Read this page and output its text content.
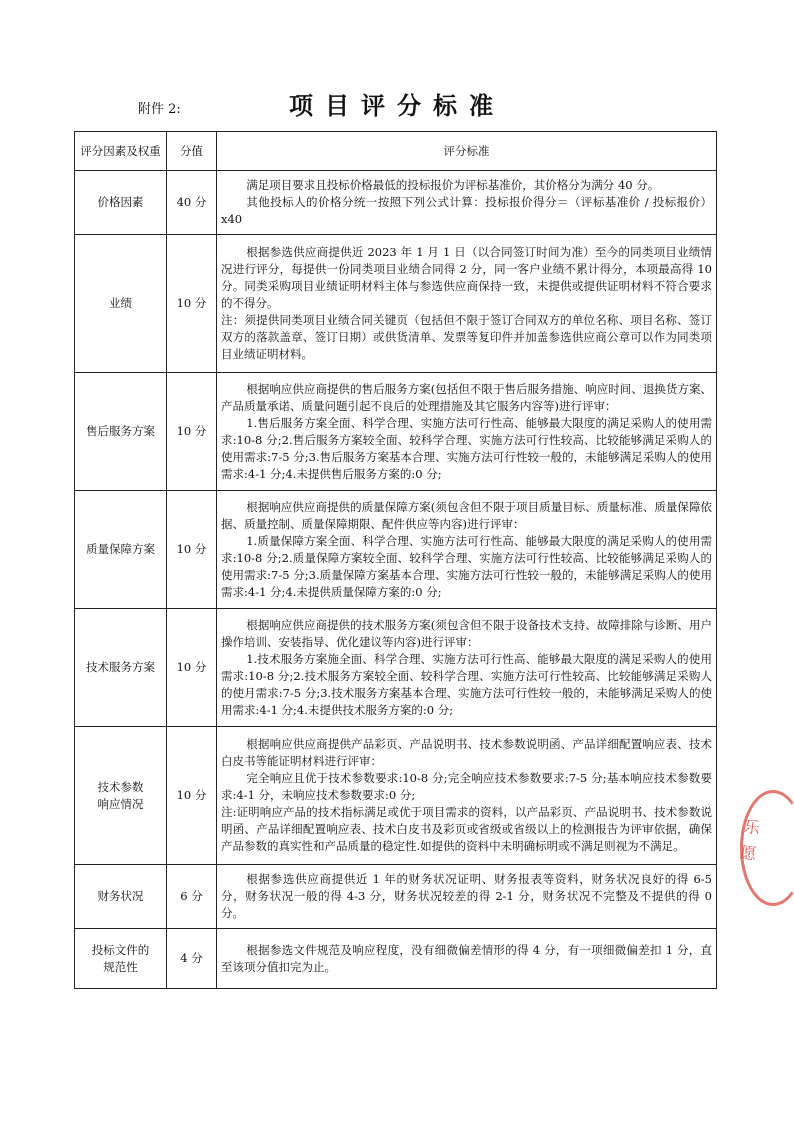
附件 2:	项目评分标准
评分因素及权重	分值	评分标准
价格因素	40 分	满足项目要求且投标价格最低的投标报价为评标基准价，其价格分为满分 40 分。
其他投标人的价格分统一按照下列公式计算：投标报价得分＝（评标基准价 / 投标报价）x40

业绩	10 分	根据参选供应商提供近 2023 年 1 月 1 日（以合同签订时间为准）至今的同类项目业绩情况进行评分，每提供一份同类项目业绩合同得 2 分，同一客户业绩不累计得分，本项最高得 10 分。同类采购项目业绩证明材料主体与参选供应商保持一致，未提供或提供证明材料不符合要求的不得分。
注：须提供同类项目业绩合同关键页（包括但不限于签订合同双方的单位名称、项目名称、签订双方的落款盖章、签订日期）或供货清单、发票等复印件并加盖参选供应商公章可以作为同类项目业绩证明材料。

售后服务方案	10 分	根据响应供应商提供的售后服务方案(包括但不限于售后服务措施、响应时间、退换货方案、产品质量承诺、质量问题引起不良后的处理措施及其它服务内容等)进行评审：
1.售后服务方案全面、科学合理、实施方法可行性高、能够最大限度的满足采购人的使用需求:10-8 分;2.售后服务方案较全面、较科学合理、实施方法可行性较高、比较能够满足采购人的使用需求:7-5 分;3.售后服务方案基本合理、实施方法可行性较一般的，未能够满足采购人的使用需求:4-1 分;4.未提供售后服务方案的:0 分;

质量保障方案	10 分	根据响应供应商提供的质量保障方案(须包含但不限于项目质量目标、质量标准、质量保障依据、质量控制、质量保障期限、配件供应等内容)进行评审：
1.质量保障方案全面、科学合理、实施方法可行性高、能够最大限度的满足采购人的使用需求:10-8 分;2.质量保障方案较全面、较科学合理、实施方法可行性较高、比较能够满足采购人的使用需求:7-5 分;3.质量保障方案基本合理、实施方法可行性较一般的，未能够满足采购人的使用需求:4-1 分;4.未提供质量保障方案的:0 分;

技术服务方案	10 分	根据响应供应商提供的技术服务方案(须包含但不限于设备技术支持、故障排除与诊断、用户操作培训、安装指导、优化建议等内容)进行评审：
1.技术服务方案施全面、科学合理、实施方法可行性高、能够最大限度的满足采购人的使用需求:10-8 分;2.技术服务方案较全面、较科学合理、实施方法可行性较高、比较能够满足采购人的使月需求:7-5 分;3.技术服务方案基本合理、实施方法可行性较一般的，未能够满足采购人的使用需求:4-1 分;4.未提供技术服务方案的:0 分;

技术参数
响应情况	10 分	根据响应供应商提供产品彩页、产品说明书、技术参数说明函、产品详细配置响应表、技术白皮书等能证明材料进行评审：
完全响应且优于技术参数要求:10-8 分;完全响应技术参数要求:7-5 分;基本响应技术参数要求:4-1 分，未响应技术参数要求:0 分;
注:证明响应产品的技术指标满足或优于项目需求的资料，以产品彩页、产品说明书、技术参数说明函、产品详细配置响应表、技术白皮书及彩页或省级或省级以上的检测报告为评审依据，确保产品参数的真实性和产品质量的稳定性.如提供的资料中未明确标明或不满足则视为不满足。

财务状况	6 分	根据参选供应商提供近 1 年的财务状况证明、财务报表等资料，财务状况良好的得 6-5 分，财务状况一般的得 4-3 分，财务状况较差的得 2-1 分，财务状况不完整及不提供的得 0 分。

投标文件的
规范性	4 分	根据参选文件规范及响应程度，没有细微偏差情形的得 4 分，有一项细微偏差扣 1 分，直至该项分值扣完为止。
乐愿
